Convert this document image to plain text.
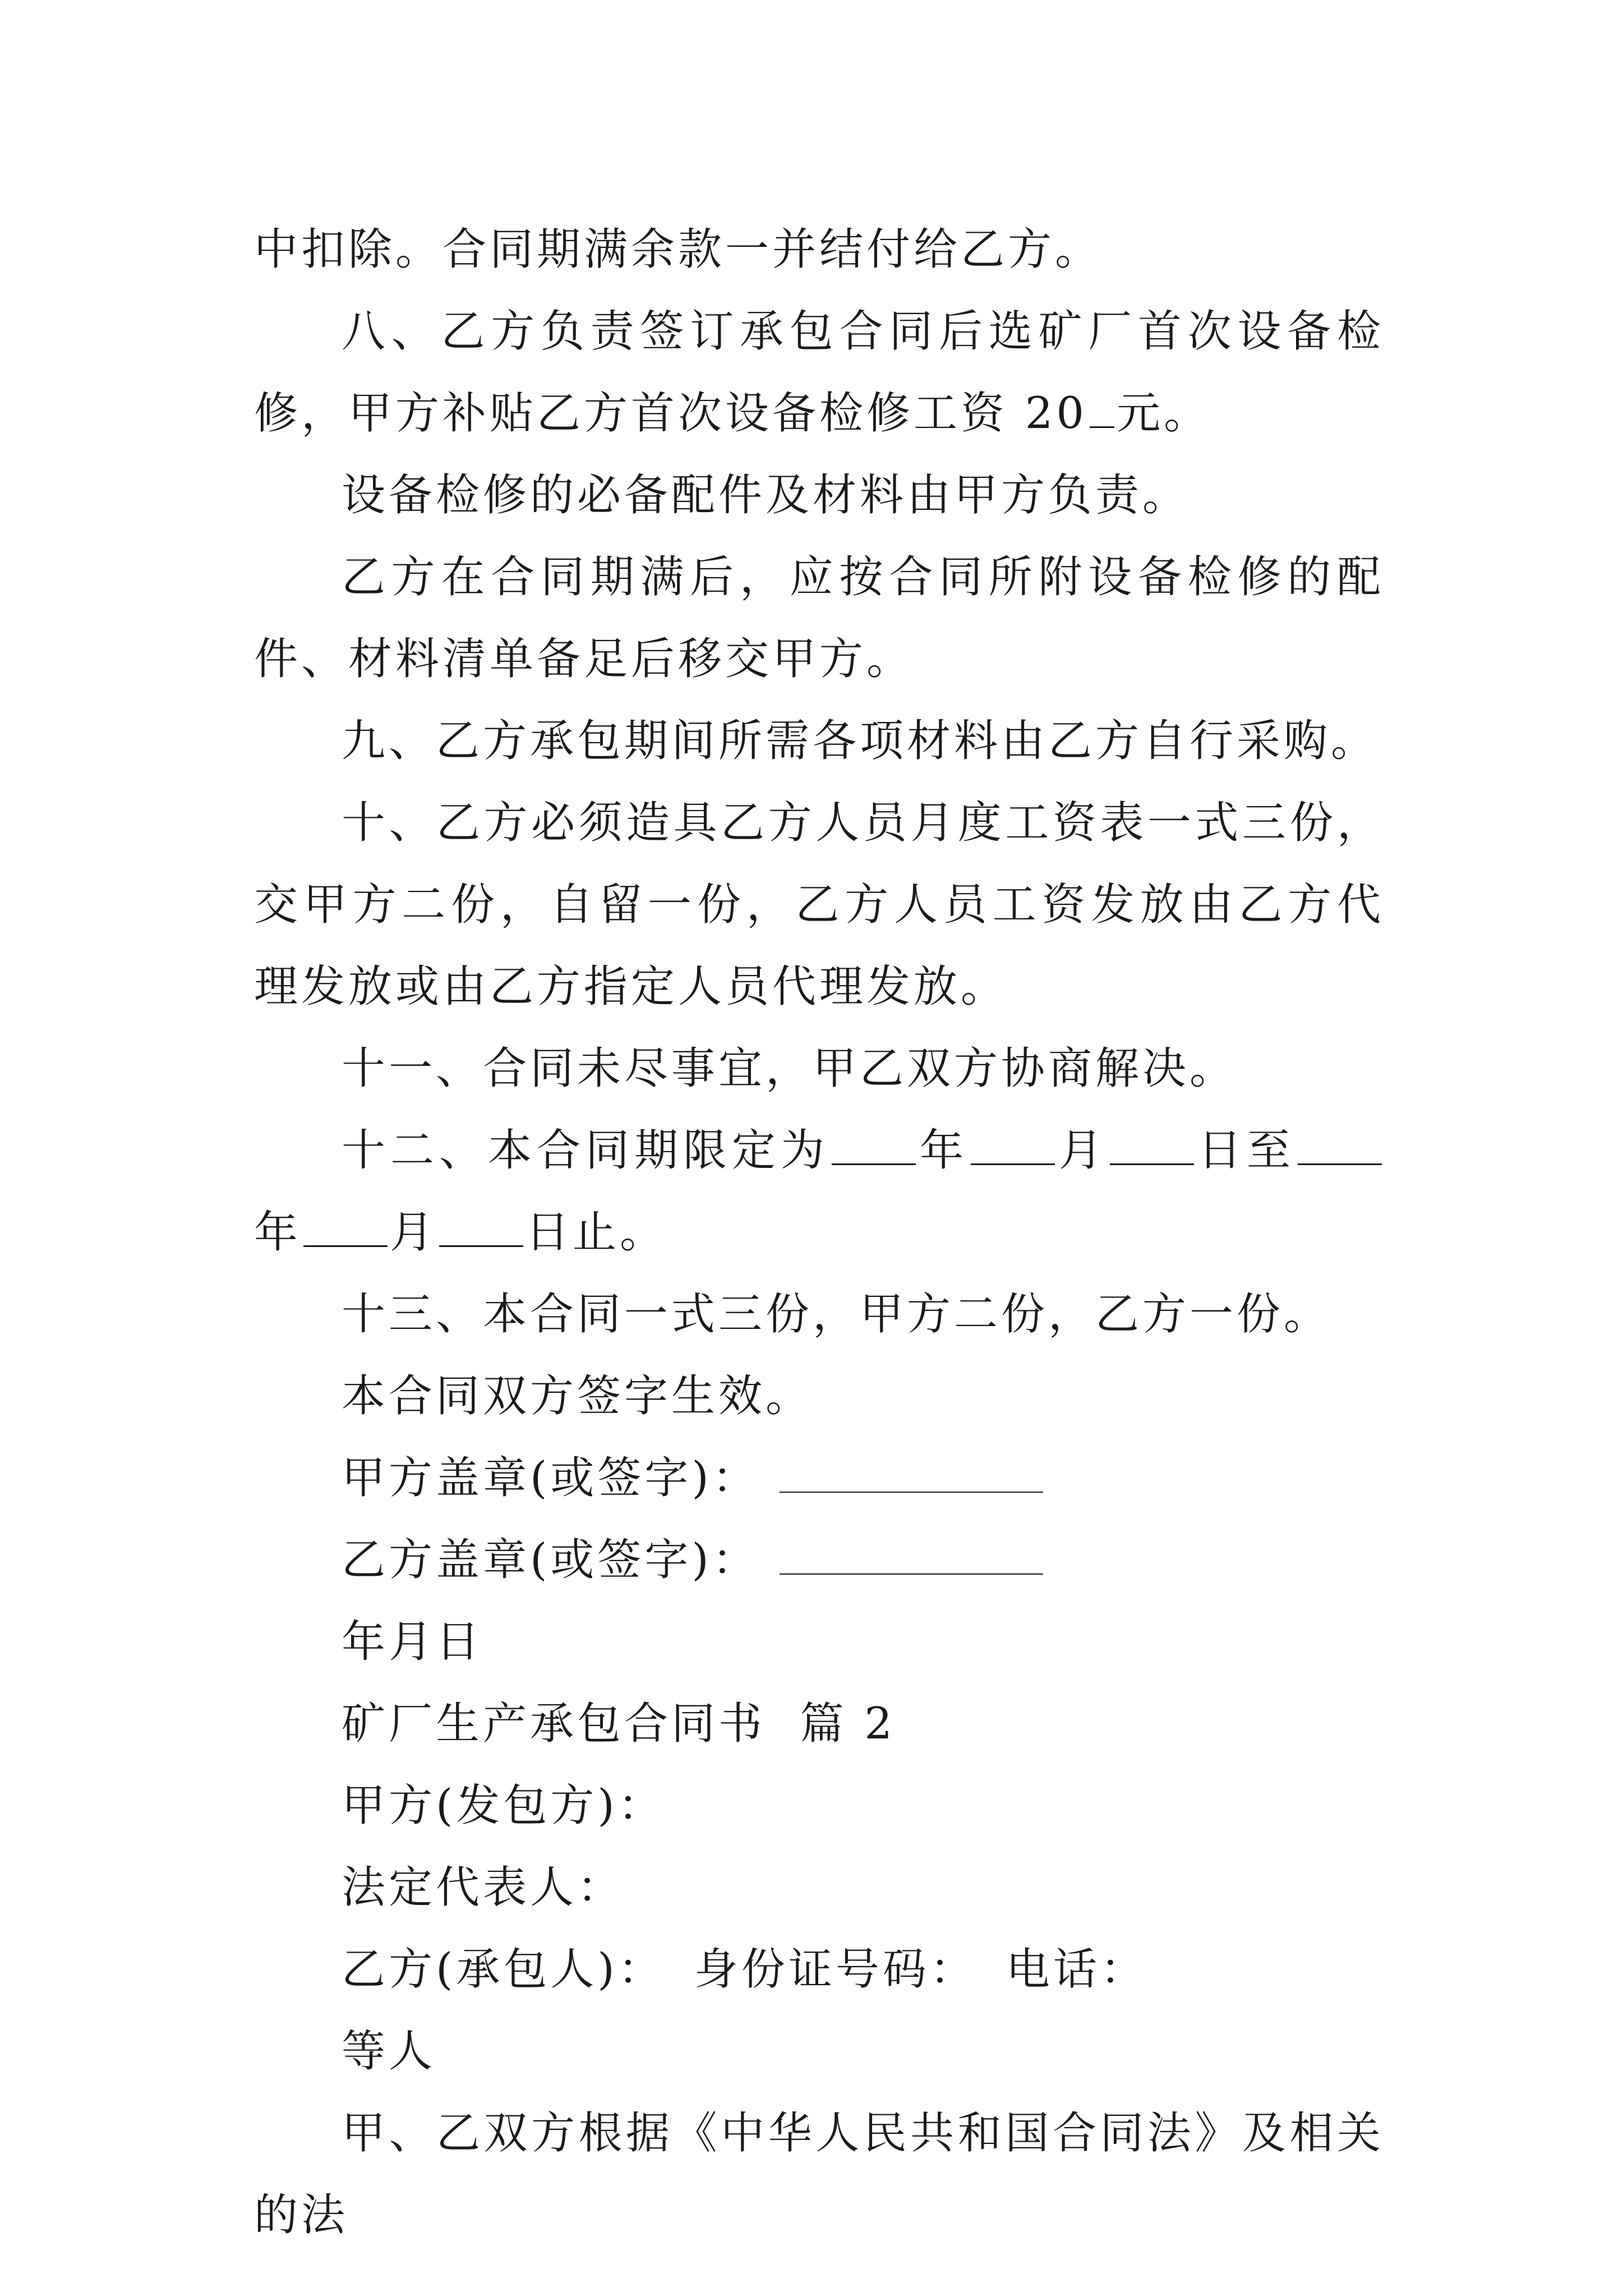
中扣除。合同期满余款一并结付给乙方。

八、乙方负责签订承包合同后选矿厂首次设备检修，甲方补贴乙方首次设备检修工资 20 元。

设备检修的必备配件及材料由甲方负责。

乙方在合同期满后，应按合同所附设备检修的配件、材料清单备足后移交甲方。

九、乙方承包期间所需各项材料由乙方自行采购。

十、乙方必须造具乙方人员月度工资表一式三份，交甲方二份，自留一份，乙方人员工资发放由乙方代理发放或由乙方指定人员代理发放。

十一、合同未尽事宜，甲乙双方协商解决。

十二、本合同期限定为 年 月 日至年 月 日止。

十三、本合同一式三份，甲方二份，乙方一份。

本合同双方签字生效。

甲方盖章(或签字)：

乙方盖章(或签字)：

年月日

矿厂生产承包合同书  篇 2

甲方(发包方)：

法定代表人：

乙方(承包人)： 身份证号码： 电话：

等人

甲、乙双方根据《中华人民共和国合同法》及相关的法
